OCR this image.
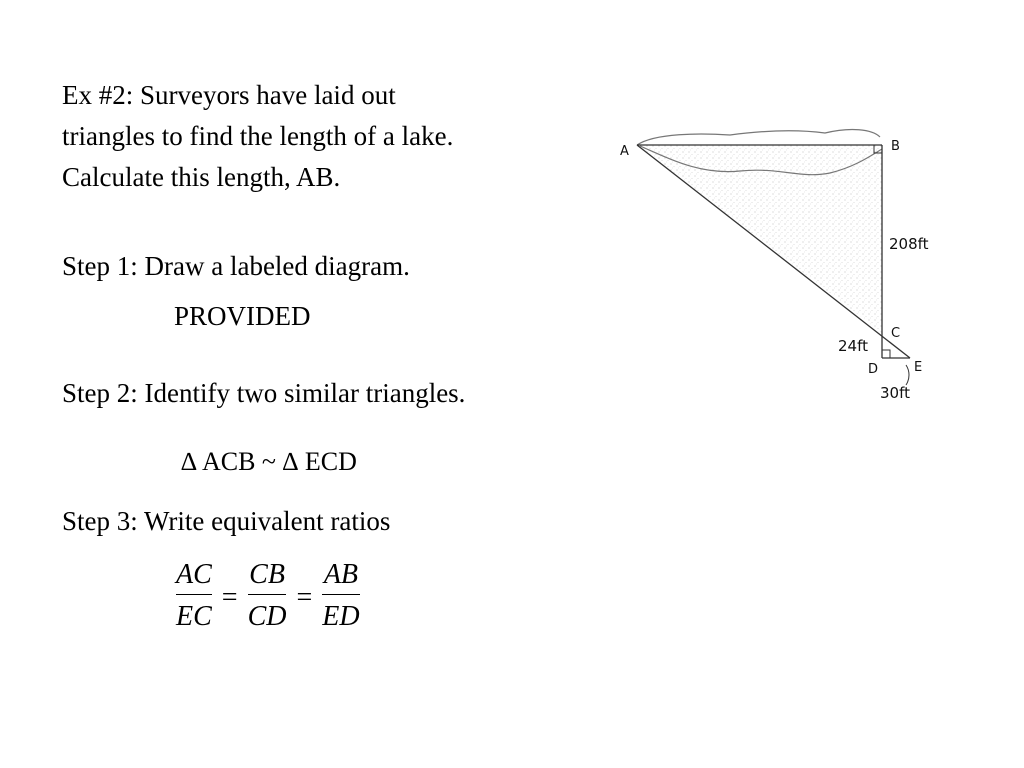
Ex #2: Surveyors have laid out
triangles to find the length of a lake.
Calculate this length, AB.
Step 1: Draw a labeled diagram.
PROVIDED
Step 2: Identify two similar triangles.
∆ ACB ~ ∆ ECD
Step 3: Write equivalent ratios
$\frac{AC}{EC} = \frac{CB}{CD} = \frac{AB}{ED}$
A	B
C
D	E
208ft
24ft
30ft
